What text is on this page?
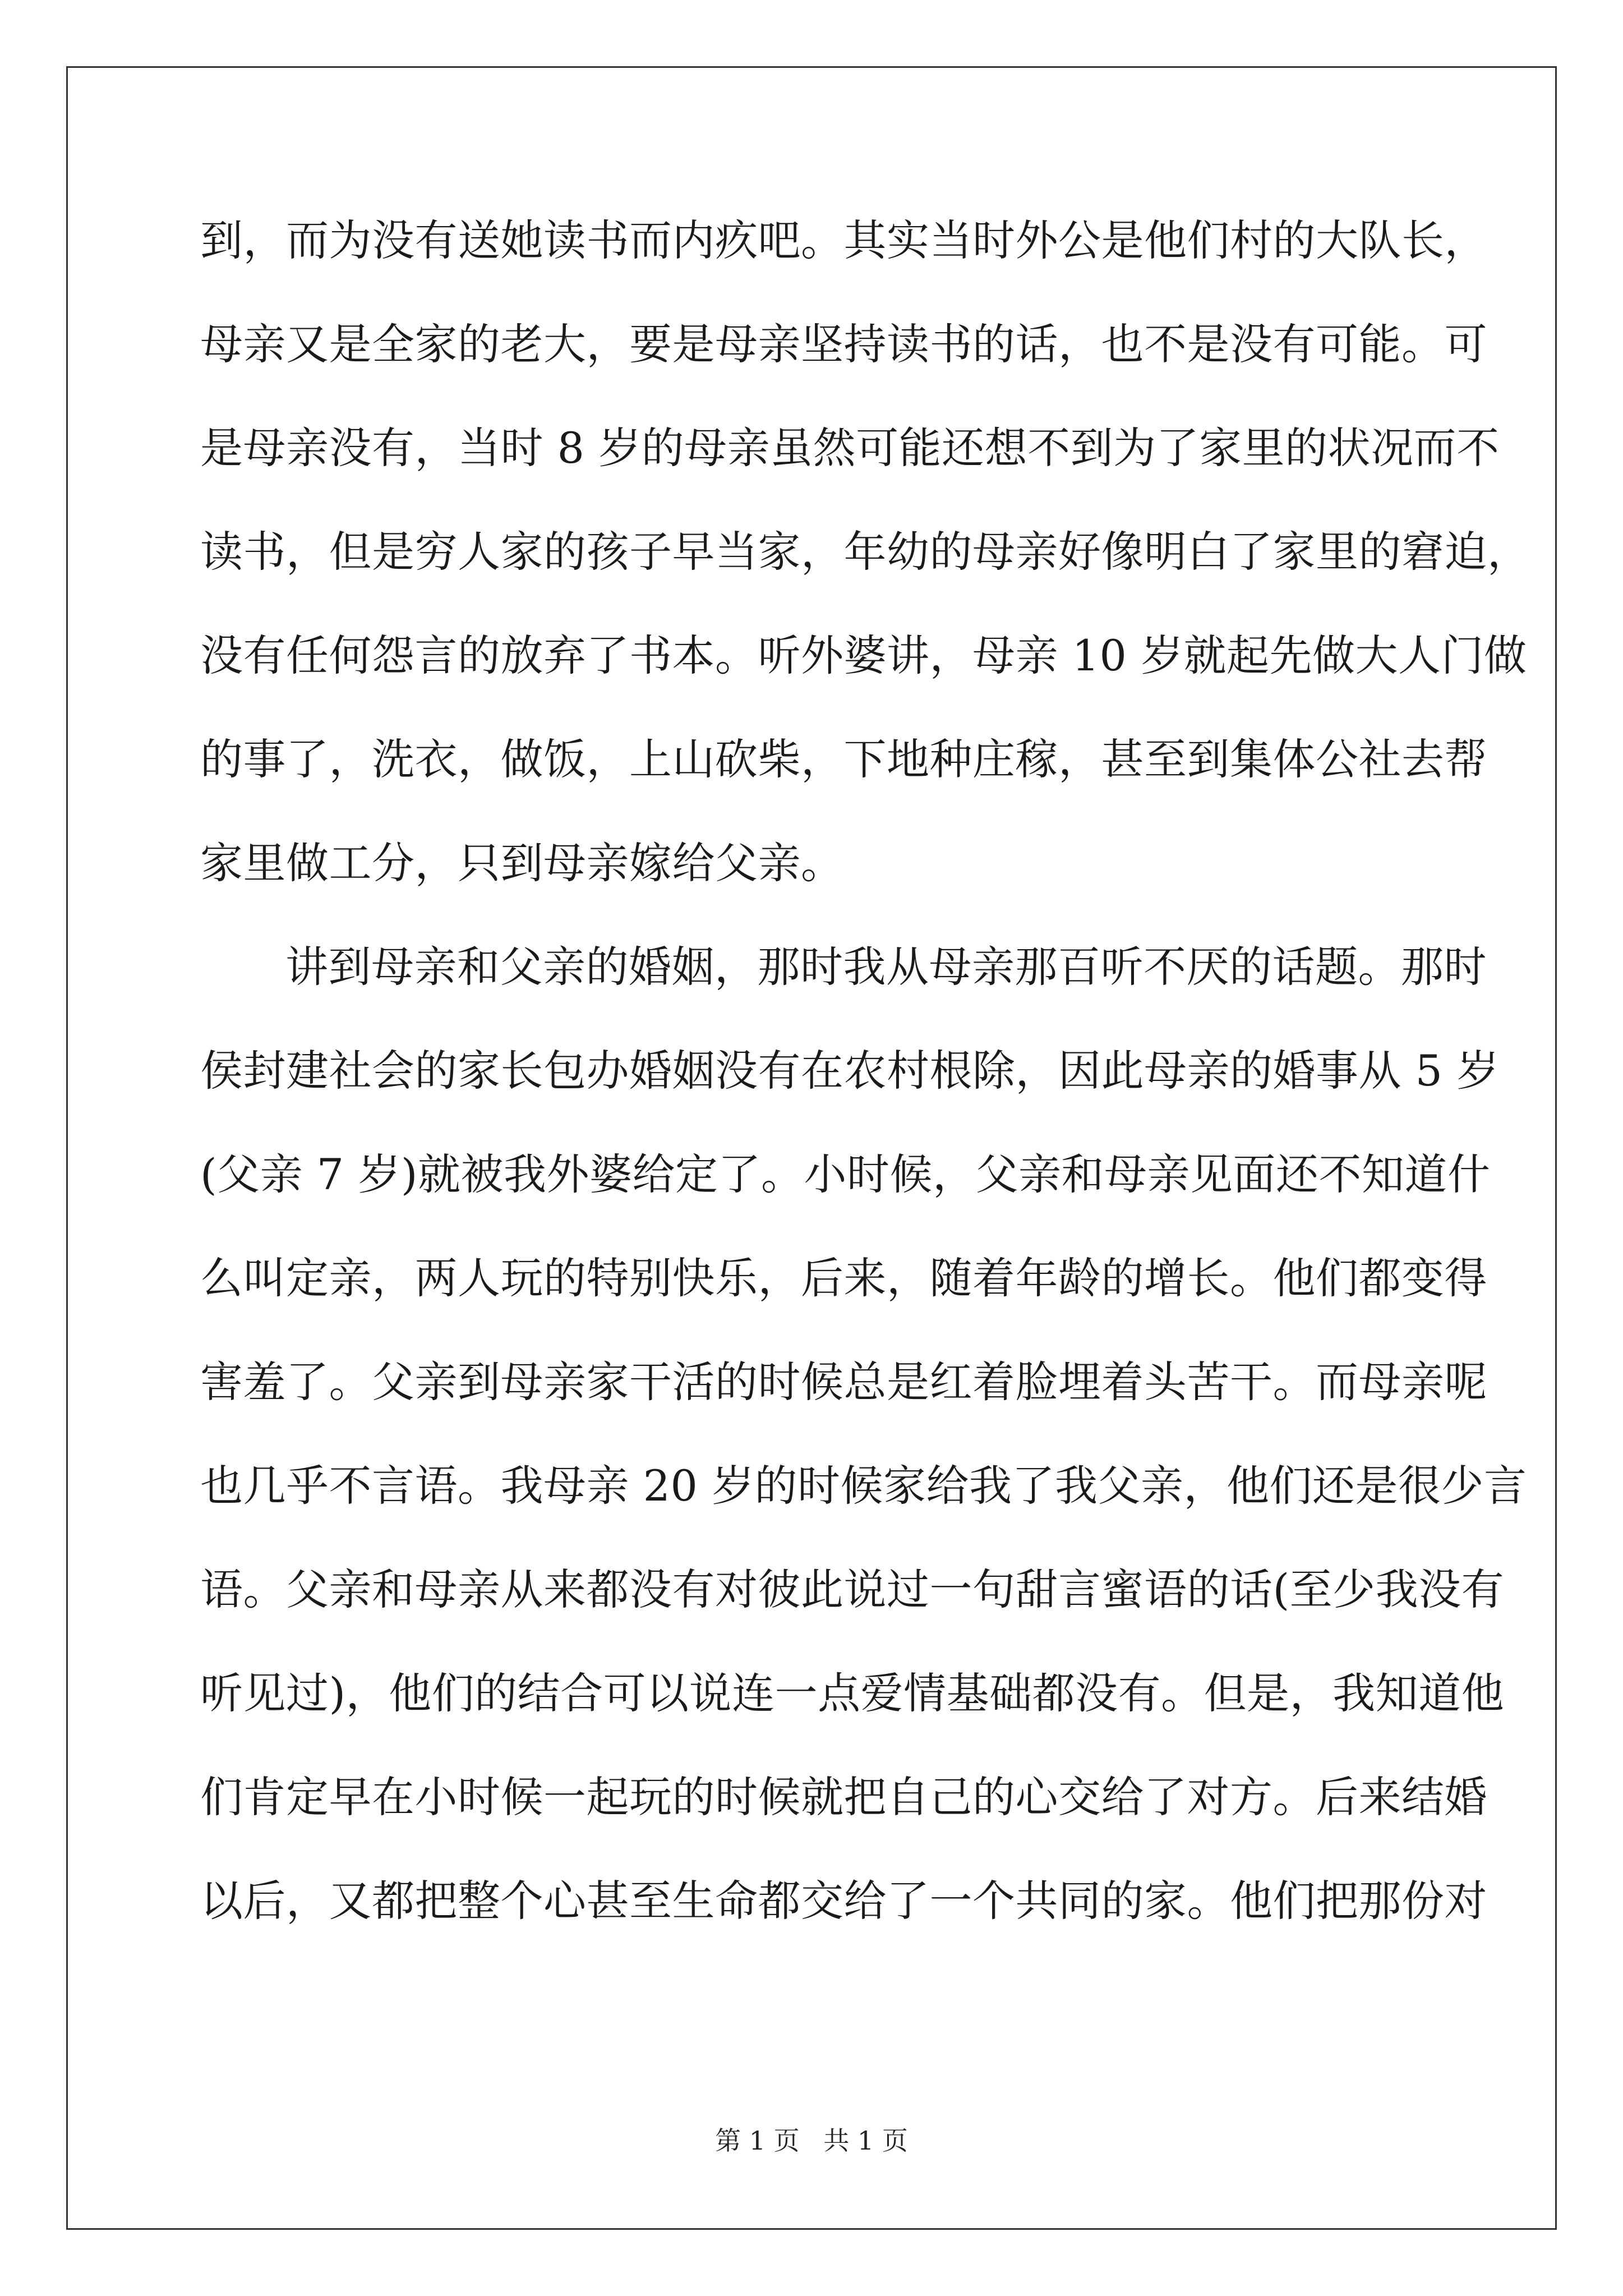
到，而为没有送她读书而内疚吧。其实当时外公是他们村的大队长，
母亲又是全家的老大，要是母亲坚持读书的话，也不是没有可能。可
是母亲没有，当时 8 岁的母亲虽然可能还想不到为了家里的状况而不
读书，但是穷人家的孩子早当家，年幼的母亲好像明白了家里的窘迫，
没有任何怨言的放弃了书本。听外婆讲，母亲 10 岁就起先做大人门做
的事了，洗衣，做饭，上山砍柴，下地种庄稼，甚至到集体公社去帮
家里做工分，只到母亲嫁给父亲。
讲到母亲和父亲的婚姻，那时我从母亲那百听不厌的话题。那时
侯封建社会的家长包办婚姻没有在农村根除，因此母亲的婚事从 5 岁
(父亲 7 岁)就被我外婆给定了。小时候，父亲和母亲见面还不知道什
么叫定亲，两人玩的特别快乐，后来，随着年龄的增长。他们都变得
害羞了。父亲到母亲家干活的时候总是红着脸埋着头苦干。而母亲呢
也几乎不言语。我母亲 20 岁的时候家给我了我父亲，他们还是很少言
语。父亲和母亲从来都没有对彼此说过一句甜言蜜语的话(至少我没有
听见过)，他们的结合可以说连一点爱情基础都没有。但是，我知道他
们肯定早在小时候一起玩的时候就把自己的心交给了对方。后来结婚
以后，又都把整个心甚至生命都交给了一个共同的家。他们把那份对
第 1 页 共 1 页
